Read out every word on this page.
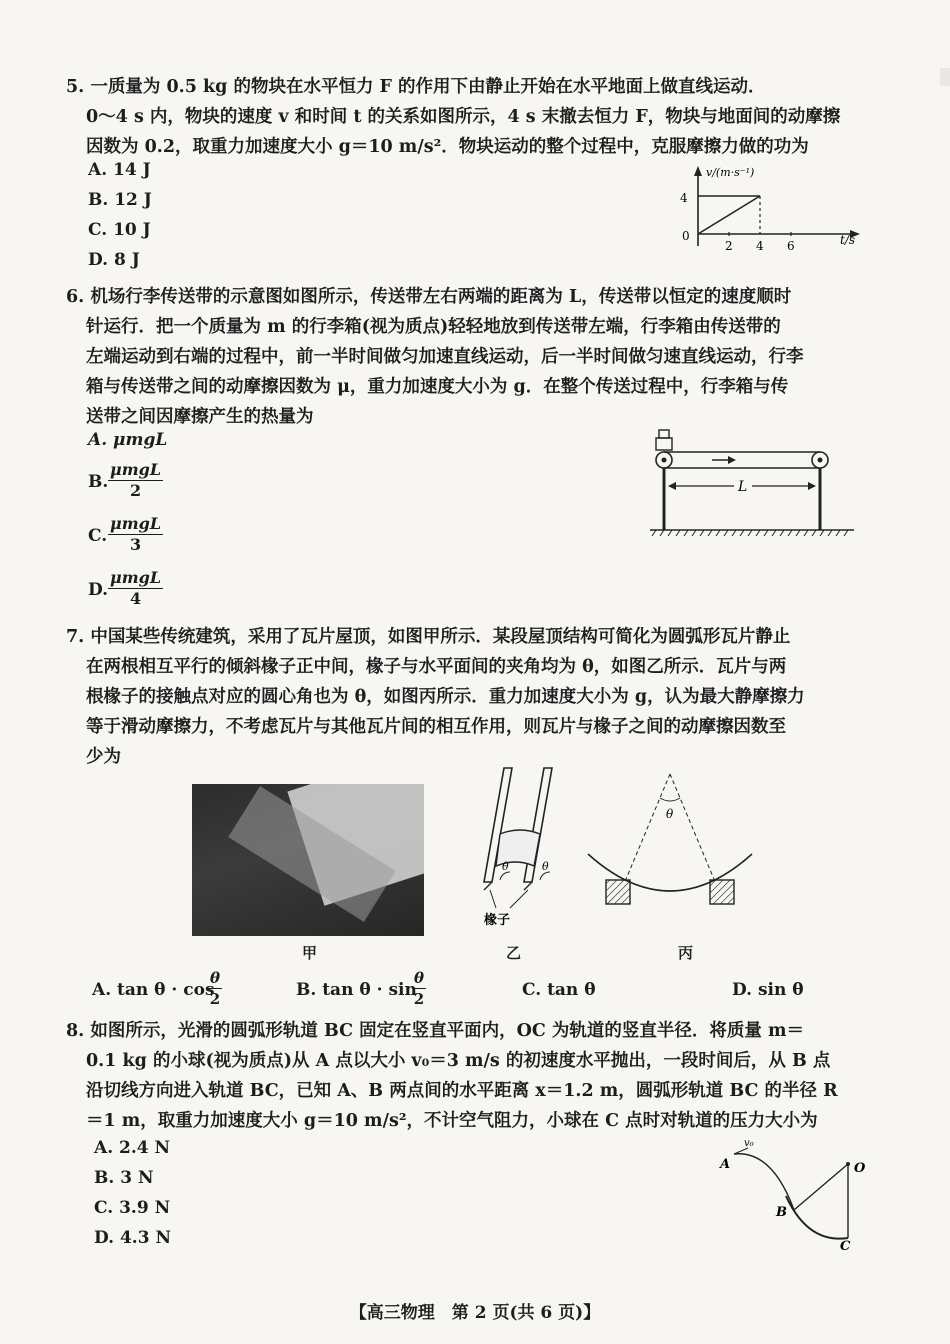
5. 一质量为 0.5 kg 的物块在水平恒力 F 的作用下由静止开始在水平地面上做直线运动．
0～4 s 内，物块的速度 v 和时间 t 的关系如图所示，4 s 末撤去恒力 F，物块与地面间的动摩擦
因数为 0.2，取重力加速度大小 g＝10 m/s²．物块运动的整个过程中，克服摩擦力做的功为
A. 14 J
B. 12 J
C. 10 J
D. 8 J
v/(m·s⁻¹)
4
0
2 4 6	t/s
6. 机场行李传送带的示意图如图所示，传送带左右两端的距离为 L，传送带以恒定的速度顺时
针运行．把一个质量为 m 的行李箱(视为质点)轻轻地放到传送带左端，行李箱由传送带的
左端运动到右端的过程中，前一半时间做匀加速直线运动，后一半时间做匀速直线运动，行李
箱与传送带之间的动摩擦因数为 μ，重力加速度大小为 g．在整个传送过程中，行李箱与传
送带之间因摩擦产生的热量为
A. μmgL
B.
μmgL
2
C.
μmgL
3
D.
μmgL
4
L
7. 中国某些传统建筑，采用了瓦片屋顶，如图甲所示．某段屋顶结构可简化为圆弧形瓦片静止
在两根相互平行的倾斜椽子正中间，椽子与水平面间的夹角均为 θ，如图乙所示．瓦片与两
根椽子的接触点对应的圆心角也为 θ，如图丙所示．重力加速度大小为 g，认为最大静摩擦力
等于滑动摩擦力，不考虑瓦片与其他瓦片间的相互作用，则瓦片与椽子之间的动摩擦因数至
少为
甲
θ	θ
椽子
乙
θ
丙
A. tan θ · cos
$\frac{\theta}{2}$	B. tan θ · sin
$\frac{\theta}{2}$	C. tan θ	D. sin θ
8. 如图所示，光滑的圆弧形轨道 BC 固定在竖直平面内，OC 为轨道的竖直半径．将质量 m＝
0.1 kg 的小球(视为质点)从 A 点以大小 v₀＝3 m/s 的初速度水平抛出，一段时间后，从 B 点
沿切线方向进入轨道 BC，已知 A、B 两点间的水平距离 x＝1.2 m，圆弧形轨道 BC 的半径 R
＝1 m，取重力加速度大小 g＝10 m/s²，不计空气阻力，小球在 C 点时对轨道的压力大小为
A. 2.4 N
B. 3 N
C. 3.9 N
D. 4.3 N
A
v₀
B
O
C
【高三物理　第 2 页(共 6 页)】
